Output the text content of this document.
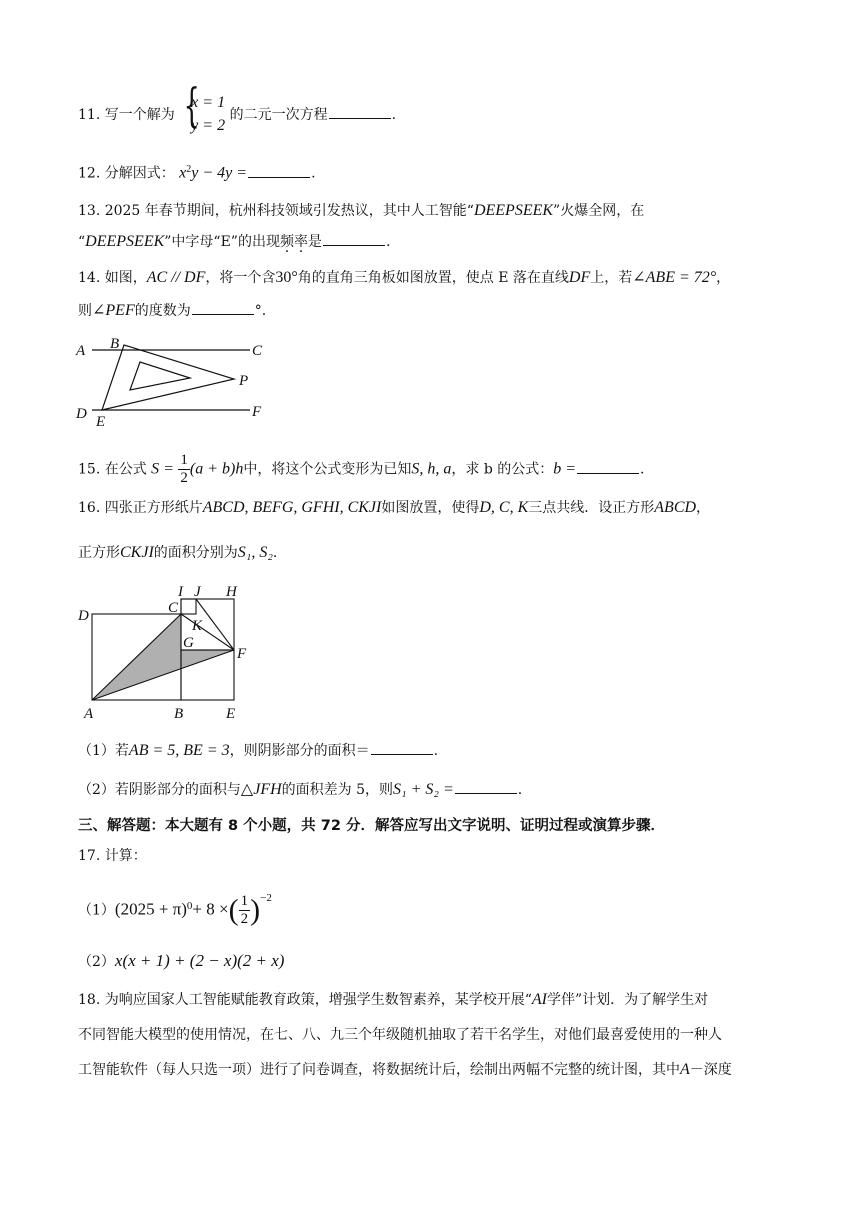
11. 写一个解为 {
x = 1
y = 2
的二元一次方程	.
12. 分解因式： $x^2y - 4y$ =	.
13. 2025 年春节期间，杭州科技领域引发热议，其中人工智能“DEEPSEEK”火爆全网，在
“DEEPSEEK”中字母“E”的出现频率是	.
14. 如图，AC // DF，将一个含30°角的直角三角板如图放置，使点 E 落在直线DF上，若∠ABE = 72°，
则∠PEF的度数为	°.
A B	C
D E
F
P
15. 在公式 $S = \frac{1}{2} (a + b)h$中，将这个公式变形为已知S, h, a，求 b 的公式：b =	.
16. 四张正方形纸片ABCD, BEFG, GFHI, CKJI如图放置，使得D, C, K三点共线．设正方形ABCD，
正方形CKJI的面积分别为S₁, S₂.
D
A	B	E
F
G
C
I J H
K
（1）若AB = 5, BE = 3，则阴影部分的面积＝	.
（2）若阴影部分的面积与△JFH的面积差为 5，则S₁ + S₂ =	.
三、解答题：本大题有 8 个小题，共 72 分．解答应写出文字说明、证明过程或演算步骤．
17. 计算：
$(1)(2025 + \pi)^0+ 8$ ×( $\frac{1}{2} )^{-2}$
（2）x(x + 1) + (2 − x)(2 + x)
18. 为响应国家人工智能赋能教育政策，增强学生数智素养，某学校开展“AI学伴”计划．为了解学生对
不同智能大模型的使用情况，在七、八、九三个年级随机抽取了若干名学生，对他们最喜爱使用的一种人
工智能软件（每人只选一项）进行了问卷调查，将数据统计后，绘制出两幅不完整的统计图，其中A－深度
